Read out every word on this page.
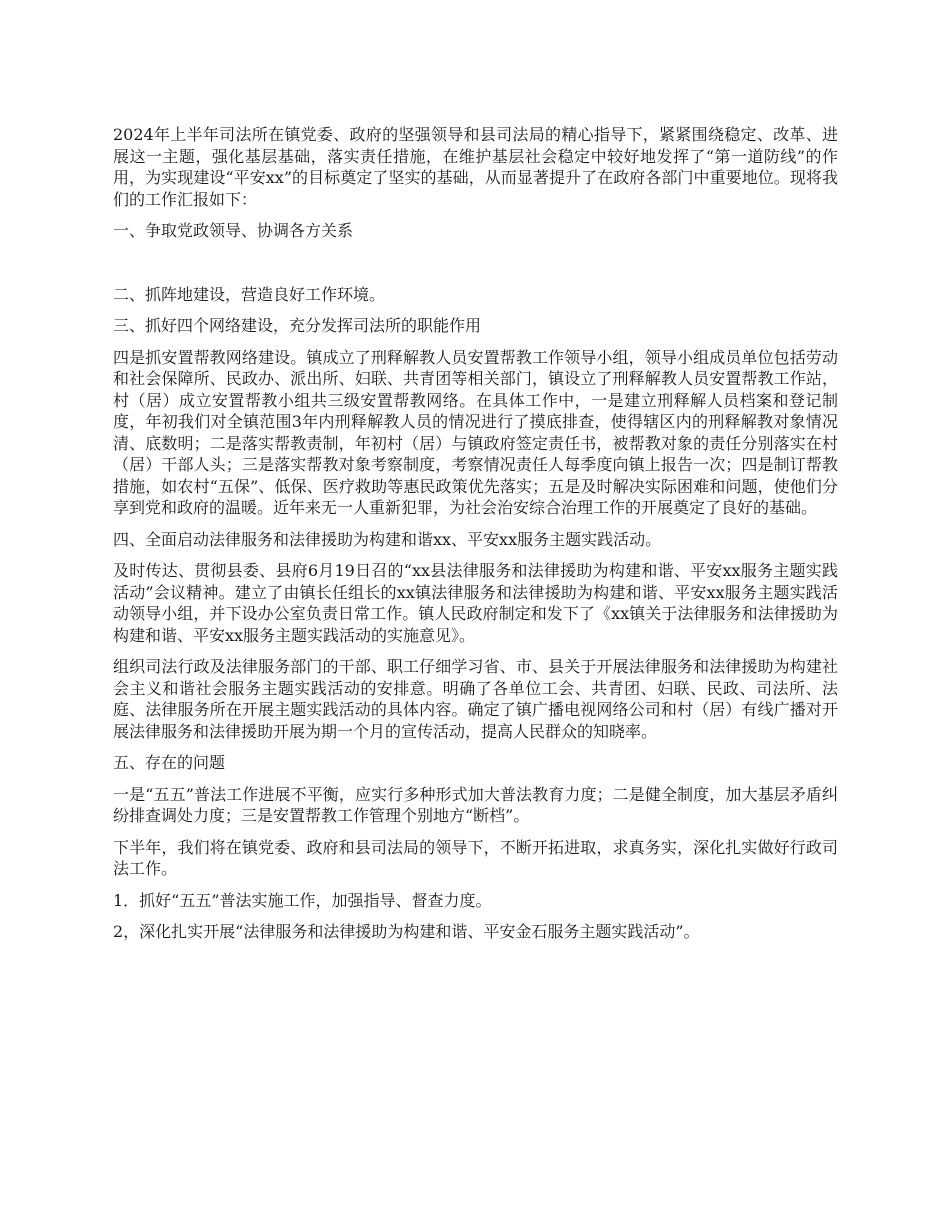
2024年上半年司法所在镇党委、政府的坚强领导和县司法局的精心指导下，紧紧围绕稳定、改革、进展这一主题，强化基层基础，落实责任措施，在维护基层社会稳定中较好地发挥了“第一道防线”的作用，为实现建设“平安xx”的目标奠定了坚实的基础，从而显著提升了在政府各部门中重要地位。现将我们的工作汇报如下：

一、争取党政领导、协调各方关系

二、抓阵地建设，营造良好工作环境。

三、抓好四个网络建设，充分发挥司法所的职能作用

四是抓安置帮教网络建设。镇成立了刑释解教人员安置帮教工作领导小组，领导小组成员单位包括劳动和社会保障所、民政办、派出所、妇联、共青团等相关部门，镇设立了刑释解教人员安置帮教工作站，村（居）成立安置帮教小组共三级安置帮教网络。在具体工作中，一是建立刑释解人员档案和登记制度，年初我们对全镇范围3年内刑释解教人员的情况进行了摸底排查，使得辖区内的刑释解教对象情况清、底数明；二是落实帮教责制，年初村（居）与镇政府签定责任书，被帮教对象的责任分别落实在村（居）干部人头；三是落实帮教对象考察制度，考察情况责任人每季度向镇上报告一次；四是制订帮教措施，如农村“五保”、低保、医疗救助等惠民政策优先落实；五是及时解决实际困难和问题，使他们分享到党和政府的温暖。近年来无一人重新犯罪，为社会治安综合治理工作的开展奠定了良好的基础。

四、全面启动法律服务和法律援助为构建和谐xx、平安xx服务主题实践活动。

及时传达、贯彻县委、县府6月19日召的“xx县法律服务和法律援助为构建和谐、平安xx服务主题实践活动”会议精神。建立了由镇长任组长的xx镇法律服务和法律援助为构建和谐、平安xx服务主题实践活动领导小组，并下设办公室负责日常工作。镇人民政府制定和发下了《xx镇关于法律服务和法律援助为构建和谐、平安xx服务主题实践活动的实施意见》。

组织司法行政及法律服务部门的干部、职工仔细学习省、市、县关于开展法律服务和法律援助为构建社会主义和谐社会服务主题实践活动的安排意。明确了各单位工会、共青团、妇联、民政、司法所、法庭、法律服务所在开展主题实践活动的具体内容。确定了镇广播电视网络公司和村（居）有线广播对开展法律服务和法律援助开展为期一个月的宣传活动，提高人民群众的知晓率。

五、存在的问题

一是“五五”普法工作进展不平衡，应实行多种形式加大普法教育力度；二是健全制度，加大基层矛盾纠纷排查调处力度；三是安置帮教工作管理个别地方“断档”。

下半年，我们将在镇党委、政府和县司法局的领导下，不断开拓进取，求真务实，深化扎实做好行政司法工作。

1．抓好“五五”普法实施工作，加强指导、督查力度。

2，深化扎实开展“法律服务和法律援助为构建和谐、平安金石服务主题实践活动”。
